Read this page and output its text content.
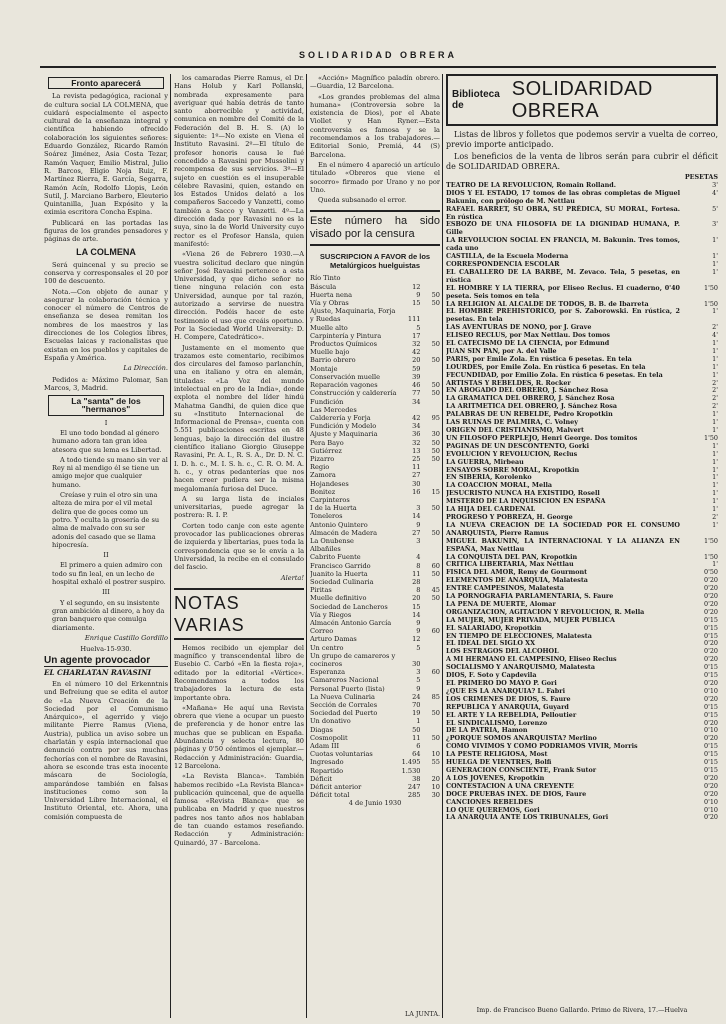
SOLIDARIDAD OBRERA
Fronto aparecerá

La revista pedagógica, racional y de cultura social LA COLMENA, que cuidará especialmente el aspecto cultural de la enseñanza integral y científica habiendo ofrecido colaboración los siguientes señores: Eduardo González, Ricardo Ramón Soárez Jiménez, Asia Costa Tezar, Ramón Vaquer, Emilio Mistral, Julio R. Barcos, Eligio Noja Ruiz, F. Martínez Rierra, E. García, Segarra, Ramón Acín, Rodolfo Llopis, León Sutil, J. Marciano Barbero, Eleuterio Quintanilla, Juan Expósito y la eximia escritora Concha Espina.

Publicará en las portadas las figuras de los grandes pensadores y páginas de arte.

LA COLMENA

Será quincenal y su precio se conserva y corresponsales el 20 por 100 de descuento.

Nota.—Con objeto de aunar y asegurar la colaboración técnica y conocer el número de Centros de enseñanza se desea remitan los nombres de los maestros y las direcciones de los Colegios libres, Escuelas laicas y racionalistas que existan en los pueblos y capitales de España y América.

La Dirección.

Pedidos a: Máximo Palomar, San Marcos, 3, Madrid.

La "santa" de los "hermanos"

I

El uno todo bondad al género humano adora tan gran idea atesora que su lema es Libertad.

A todo tiende su mano sin ver al Rey ni al mendigo él se tiene un amigo mejor que cualquier humano.

Creíase y ruin el otro sin una alteza de mira por el vil metal delira que de goces como un potro. Y oculta la grosería de su alma de malvado con su ser adonis del casado que se llama hipocresía.

II

El primero a quien admiro con todo su fin leal, en un lecho de hospital exhaló el postrer suspiro.

III

Y el segundo, en su insistente gran ambición al dinero, a hoy da gran banquero que comulga diariamente.

Enrique Castillo Gordillo

Huelva-15-930.

Un agente provocador
EL CHARLATAN RAVASINI

En el número 10 del Erkenntnis und Befreiung que se edita el autor de «La Nueva Creación de la Sociedad por el Comunismo Anárquico», el agerrido y viejo militante Pierre Ramus (Viena, Austria), publica un aviso sobre un charlatán y espía internacional que denunció contra por sus muchas fechorías con el nombre de Ravasini, ahora se esconde tras esta inocente máscara de Sociología, amparándose también en falsas instituciones como son la Universidad Libre Internacional, el Instituto Oriental, etc. Ahora, una comisión compuesta de

los camaradas Pierre Ramus, el Dr. Hans Holub y Karl Pollanski, nombrada expresamente para averiguar qué había detrás de tanto santo aborrecible y actividad, comunica en nombre del Comité de la Federación del B. H. S. (A) lo siguiente: 1º—No existe en Viena el Instituto Ravasini. 2º—El título de profesor honoris causa le fué concedido a Ravasini por Mussolini y recompensa de sus servicios. 3º—El sujeto en cuestión es el insuperable célebre Ravasini, quien, estando en los Estados Unidos delató a los compañeros Saccedo y Vanzetti, como también a Sacco y Vanzetti. 4º—La dirección dada por Ravasini no es la suya, sino la de World University cuyo rector es el Profesor Hansla, quien manifestó:

«Viena 26 de Febrero 1930.—A vuestra solicitud declaro que ningún señor José Ravasini pertenece a esta Universidad, y que dicho señor no tiene ninguna relación con esta Universidad, aunque por tal razón, autorizado a servirse de nuestra dirección. Podéis hacer de este testimonio el uso que creáis oportuno. Por la Sociedad World University: D. H. Compere, Catedrático».

Justamente en el momento que trazamos este comentario, recibimos dos circulares del famoso parlanchín, una en italiano y otra en alemán, tituladas: «La Voz del mundo intelectual en pro de la India», donde explota el nombre del líder hindú Mahatma Gandhi, de quien dice que su «Instituto Internacional de Informacional de Prensa», cuenta con 5.551 publicaciones escritas en 48 lenguas, bajo la dirección del ilustre científico italiano Giorgio Giuseppe Ravasini, Pr. A. I., R. S. A., Dr. D. N. C. I. D. h. c., M. I. S. h. c., C. R. O. M. A. h. c., y otras pedanterías que nos hacen creer pudiera ser la misma megalomanía furiosa del Duce.

A su larga lista de inciales universitarias, puede agregar la postrera: R. I. P.

Corten todo canje con este agente provocador las publicaciones obreras de izquierda y libertarias, pues toda la correspondencia que se le envía a la Universidad, la recibe en el consulado del fascio.

Alerta!
NOTAS VARIAS

Hemos recibido un ejemplar del magnífico y transcendental libro de Eusebio C. Carbó «En la fiesta roja», editado por la editorial «Vértice». Recomendamos a todos los trabajadores la lectura de esta importante obra.

«Mañana» He aquí una Revista obrera que viene a ocupar un puesto de preferencia y de honor entre las muchas que se publican en España. Abundancia y selecta lectura, 80 páginas y 0'50 céntimos el ejemplar.—Redacción y Administración: Guardia, 12 Barcelona.

«La Revista Blanca». También habemos recibido «La Revista Blanca» publicación quincenal, que de aquella famosa «Revista Blanca» que se publicaba en Madrid y que nuestros padres nos tanto años nos hablaban de tan cuando estamos reseñando. Redacción y Administración: Quinardó, 37 - Barcelona.

«Acción» Magnífico paladín obrero.—Guardia, 12 Barcelona.

«Los grandes problemas del alma humana» (Controversia sobre la existencia de Dios), por el Abate Viollet y Han Ryner.—Esta controversia es famosa y se la recomendamos a los trabajadores.—Editorial Sonio, Premiá, 44 (S) Barcelona.

En el número 4 apareció un artículo titulado «Obreros que viene el socorro» firmado por Urano y no por Uno.

Queda subsanado el error.

Este número ha sido visado por la censura
SUSCRIPCION A FAVOR de los Metalúrgicos huelguistas
Río Tinto		
Báscula	12	
Huerta nena	9	50
Vía y Obras	15	50
Ajuste, Maquinaria, Forja		
y Ruedas	111	
Muelle alto	5	
Carpintería y Pintura	17	
Productos Químicos	32	50
Muelle bajo	42	
Barrio obrero	20	50
Montaje	59	
Conservación muelle	39	
Reparación vagones	46	50
Construcción y calderería	77	50
Fundición	34	
Las Mercedes		
Calderería y Forja	42	95
Fundición y Modelo	34	
Ajuste y Maquinaria	36	30
Pera Bayo	32	50
Gutiérrez	13	50
Pizarro	25	50
Regio	11	
Zamora	27	
Hojandeses	30	
Bonitez	16	15
Carpinteros		
I de la Huerta	3	50
Toneleros	14	
Antonio Quintero	9	
Almacén de Madera	27	50
La Onubense	3	

Albañiles		
Cabrito Fuente	4	
Francisco Garrido	8	60
Juanito la Huerta	11	50
Sociedad Culinaria	28	
Piritas	8	45
Muelle definitivo	20	50
Sociedad de Lancheros	15	
Vía y Riegos	14	
Almacén Antonio García	9	
Correo	9	60
Arturo Damas	12	
Un centro	5	
Un grupo de camareros y		
cocineros	30	
Esperanza	3	60
Camareros Nacional	5	
Personal Puerto (lista)	9	
La Nueva Culinaria	24	85
Sección de Corrales	70	
Sociedad del Puerto	19	50
Un donativo	1	
Diagas	50	
Cosmopolit	11	50
Adam III	6	
Cuotas voluntarias	64	10
Ingresado	1.495	55
Repartido	1.530	
Déficit	38	20
Déficit anterior	247	10
Déficit total	285	30

4 de Junio 1930

LA JUNTA.
Biblioteca de
SOLIDARIDAD OBRERA

Listas de libros y folletos que podemos servir a vuelta de correo, previo importe anticipado.

Los beneficios de la venta de libros serán para cubrir el déficit de SOLIDARIDAD OBRERA.

	PESETAS
TEATRO DE LA REVOLUCION, Romain Rolland.	3'
DIOS Y EL ESTADO, 17 tomos de las obras completas de Miguel Bakunin, con prólogo de M. Nettlau	4'
RAFAEL BARRET, SU OBRA, SU PRÉDICA, SU MORAL, Fortesa. En rústica	5'
ESBOZO DE UNA FILOSOFIA DE LA DIGNIDAD HUMANA, P. Gille	3'
LA REVOLUCION SOCIAL EN FRANCIA, M. Bakunin. Tres tomos, cada uno	1'
CASTILLA, de la Escuela Moderna	1'
CORRESPONDENCIA ESCOLAR	1'
EL CABALLERO DE LA BARBE, M. Zevaco. Tela, 5 pesetas, en rústica	1'
EL HOMBRE Y LA TIERRA, por Eliseo Reclus. El cuaderno, 0'40 peseta. Seis tomos en tela	1'50
LA RELIGION AL ALCALDE DE TODOS, B. B. de Ibarreta	1'50
EL HOMBRE PREHISTORICO, por S. Zaborowski. En rústica, 2 pesetas. En tela	1'
LAS AVENTURAS DE NONO, por J. Grave	2'
ELISEO RECLUS, por Max Nettlau. Dos tomos	4'
EL CATECISMO DE LA CIENCIA, por Edmund	1'
JUAN SIN PAN, por A. del Valle	1'
PARIS, por Emile Zola. En rústica 6 pesetas. En tela	1'
LOURDES, por Emile Zola. En rústica 6 pesetas. En tela	1'
FECUNDIDAD, por Emilio Zola. En rústica 6 pesetas. En tela	1'
ARTISTAS Y REBELDES, R. Rocker	2'
EN ABOGADO DEL OBRERO, J. Sánchez Rosa	2'
LA GRAMATICA DEL OBRERO, J. Sánchez Rosa	2'
LA ARITMETICA DEL OBRERO, J. Sánchez Rosa	2'
PALABRAS DE UN REBELDE, Pedro Kropotkin	1'
LAS RUINAS DE PALMIRA, C. Volney	1'
ORIGEN DEL CRISTIANISMO, Malvert	1'
UN FILOSOFO PERPLEJO, Henri George. Dos tomitos	1'50
PAGINAS DE UN DESCONTENTO, Gorki	1'
EVOLUCION Y REVOLUCION, Reclus	1'
LA GUERRA, Mirbeau	1'
ENSAYOS SOBRE MORAL, Kropotkin	1'
EN SIBERIA, Korolenko	1'
LA COACCION MORAL, Mella	1'
JESUCRISTO NUNCA HA EXISTIDO, Rosell	1'
MISTERIO DE LA INQUISICION EN ESPAÑA	1'
LA HIJA DEL CARDENAL	1'
PROGRESO Y POBREZA, H. George	2'
LA NUEVA CREACION DE LA SOCIEDAD POR EL CONSUMO ANARQUISTA, Pierre Ramus	1'
MIGUEL BAKUNIN, LA INTERNACIONAL Y LA ALIANZA EN ESPAÑA, Max Nettlau	1'50
LA CONQUISTA DEL PAN, Kropotkin	1'50
CRITICA LIBERTARIA, Max Nettlau	1'
FISICA DEL AMOR, Remy de Gourmont	0'50
ELEMENTOS DE ANARQUIA, Malatesta	0'20
ENTRE CAMPESINOS, Malatesta	0'20
LA PORNOGRAFIA PARLAMENTARIA, S. Faure	0'20
LA PENA DE MUERTE, Alomar	0'20
ORGANIZACION, AGITACION Y REVOLUCION, R. Mella	0'20
LA MUJER, MUJER PRIVADA, MUJER PUBLICA	0'15
EL SALARIADO, Kropotkin	0'15
EN TIEMPO DE ELECCIONES, Malatesta	0'15
EL IDEAL DEL SIGLO XX	0'20
LOS ESTRAGOS DEL ALCOHOL	0'20
A MI HERMANO EL CAMPESINO, Eliseo Reclus	0'20
SOCIALISMO Y ANARQUISMO, Malatesta	0'15
DIOS, F. Soto y Capdevila	0'15
EL PRIMERO DO MAYO P. Gori	0'20
¿QUE ES LA ANARQUIA? L. Fabri	0'10
LOS CRIMENES DE DIOS, S. Faure	0'20
REPUBLICA Y ANARQUIA, Guyard	0'15
EL ARTE Y LA REBELDIA, Pelloutier	0'15
EL SINDICALISMO, Lorenzo	0'20
DE LA PATRIA, Hamon	0'10
¿PORQUE SOMOS ANARQUISTA? Merlino	0'20
COMO VIVIMOS Y COMO PODRIAMOS VIVIR, Morris	0'15
LA PESTE RELIGIOSA, Most	0'15
HUELGA DE VIENTRES, Bolfi	0'15
GENERACION CONSCIENTE, Frank Sutor	0'15
A LOS JOVENES, Kropotkin	0'20
CONTESTACION A UNA CREYENTE	0'20
DOCE PRUEBAS INEX. DE DIOS, Faure	0'20
CANCIONES REBELDES	0'10
LO QUE QUEREMOS, Gori	0'10
LA ANARQUIA ANTE LOS TRIBUNALES, Gori	0'20
Imp. de Francisco Bueno Gallardo. Primo de Rivera, 17.—Huelva
